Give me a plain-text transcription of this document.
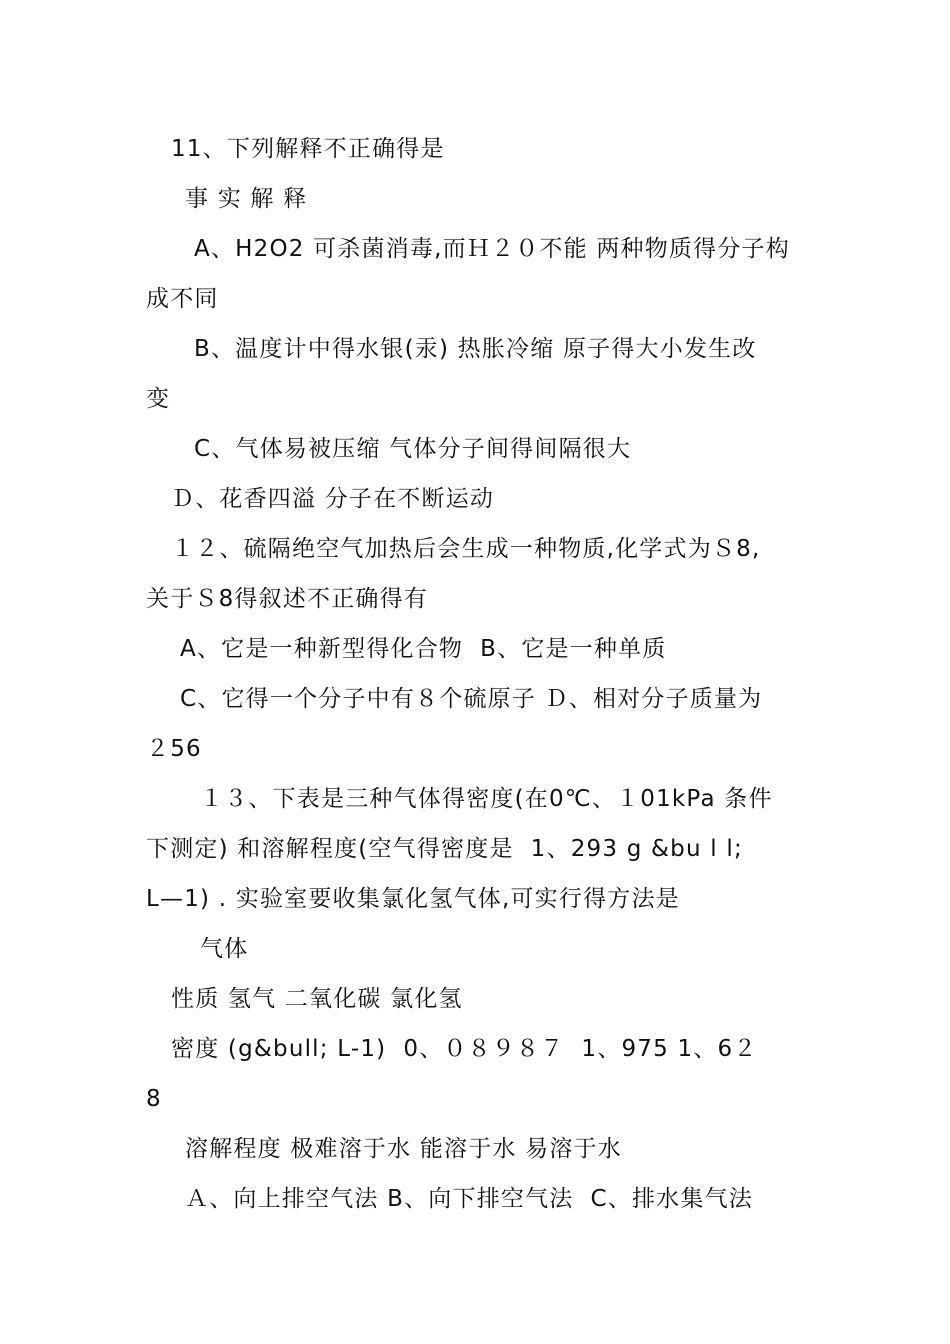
11、下列解释不正确得是
事 实 解 释
A、H2O2 可杀菌消毒,而Ｈ２０不能 两种物质得分子构
成不同
B、温度计中得水银(汞) 热胀冷缩 原子得大小发生改
变
C、气体易被压缩 气体分子间得间隔很大
Ｄ、花香四溢 分子在不断运动
１２、硫隔绝空气加热后会生成一种物质,化学式为Ｓ8,
关于Ｓ8得叙述不正确得有
A、它是一种新型得化合物  B、它是一种单质
C、它得一个分子中有８个硫原子 Ｄ、相对分子质量为
２56
１３、下表是三种气体得密度(在0℃、１01kPa 条件
下测定) 和溶解程度(空气得密度是  1、293 g &bu l l;
L—1) . 实验室要收集氯化氢气体,可实行得方法是
气体
性质 氢气 二氧化碳 氯化氢
密度 (g&bull; L-1)  0、０８９８７  1、975 1、6２
8
溶解程度 极难溶于水 能溶于水 易溶于水
Ａ、向上排空气法 B、向下排空气法  C、排水集气法
